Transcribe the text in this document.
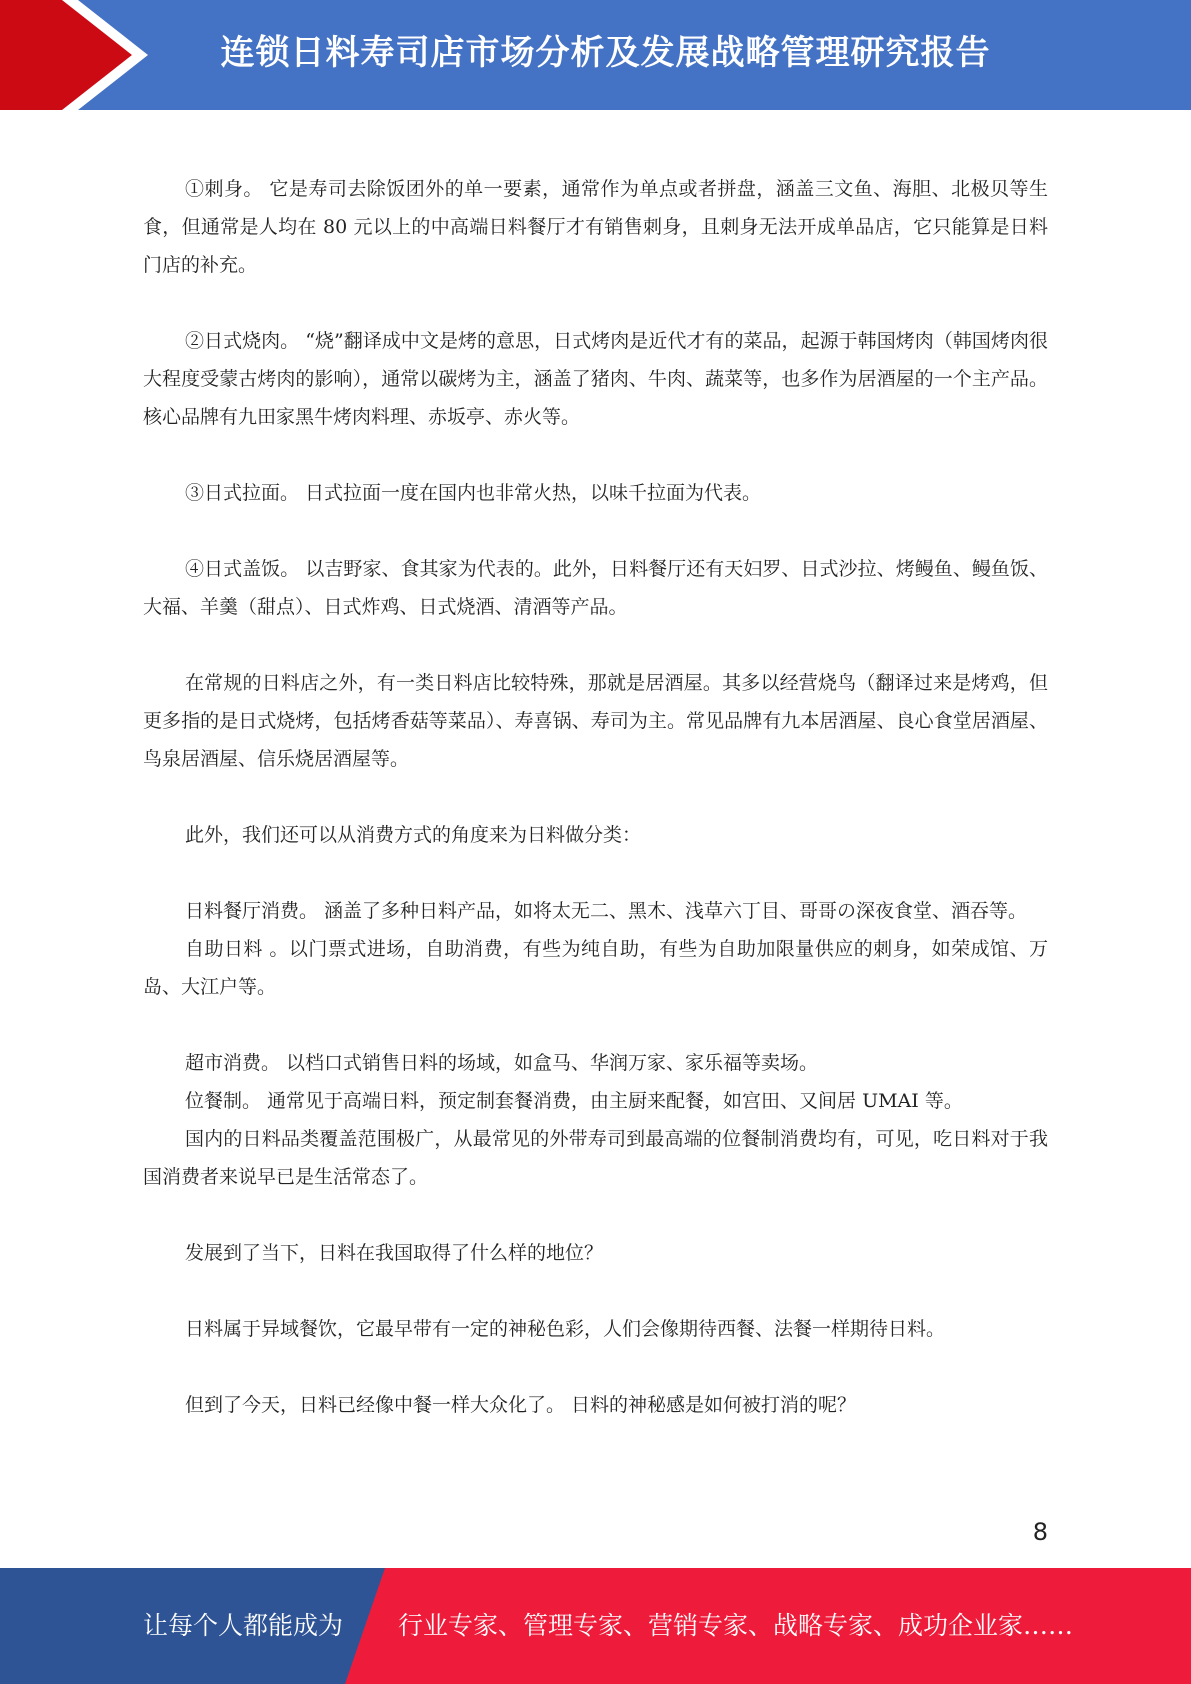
连锁日料寿司店市场分析及发展战略管理研究报告

①刺身。 它是寿司去除饭团外的单一要素，通常作为单点或者拼盘，涵盖三文鱼、海胆、北极贝等生食，但通常是人均在 80 元以上的中高端日料餐厅才有销售刺身，且刺身无法开成单品店，它只能算是日料门店的补充。

②日式烧肉。 “烧”翻译成中文是烤的意思，日式烤肉是近代才有的菜品，起源于韩国烤肉（韩国烤肉很大程度受蒙古烤肉的影响），通常以碳烤为主，涵盖了猪肉、牛肉、蔬菜等，也多作为居酒屋的一个主产品。核心品牌有九田家黑牛烤肉料理、赤坂亭、赤火等。

③日式拉面。 日式拉面一度在国内也非常火热，以味千拉面为代表。

④日式盖饭。 以吉野家、食其家为代表的。此外，日料餐厅还有天妇罗、日式沙拉、烤鳗鱼、鳗鱼饭、大福、羊羹（甜点）、日式炸鸡、日式烧酒、清酒等产品。

在常规的日料店之外，有一类日料店比较特殊，那就是居酒屋。其多以经营烧鸟（翻译过来是烤鸡，但更多指的是日式烧烤，包括烤香菇等菜品）、寿喜锅、寿司为主。常见品牌有九本居酒屋、良心食堂居酒屋、鸟泉居酒屋、信乐烧居酒屋等。

此外，我们还可以从消费方式的角度来为日料做分类：

日料餐厅消费。 涵盖了多种日料产品，如将太无二、黑木、浅草六丁目、哥哥の深夜食堂、酒吞等。

自助日料 。以门票式进场，自助消费，有些为纯自助，有些为自助加限量供应的刺身，如荣成馆、万岛、大江户等。

超市消费。 以档口式销售日料的场域，如盒马、华润万家、家乐福等卖场。

位餐制。 通常见于高端日料，预定制套餐消费，由主厨来配餐，如宫田、又间居 UMAI 等。

国内的日料品类覆盖范围极广，从最常见的外带寿司到最高端的位餐制消费均有，可见，吃日料对于我国消费者来说早已是生活常态了。

发展到了当下，日料在我国取得了什么样的地位？

日料属于异域餐饮，它最早带有一定的神秘色彩，人们会像期待西餐、法餐一样期待日料。

但到了今天，日料已经像中餐一样大众化了。 日料的神秘感是如何被打消的呢？

8
让每个人都能成为 行业专家、管理专家、营销专家、战略专家、成功企业家……
